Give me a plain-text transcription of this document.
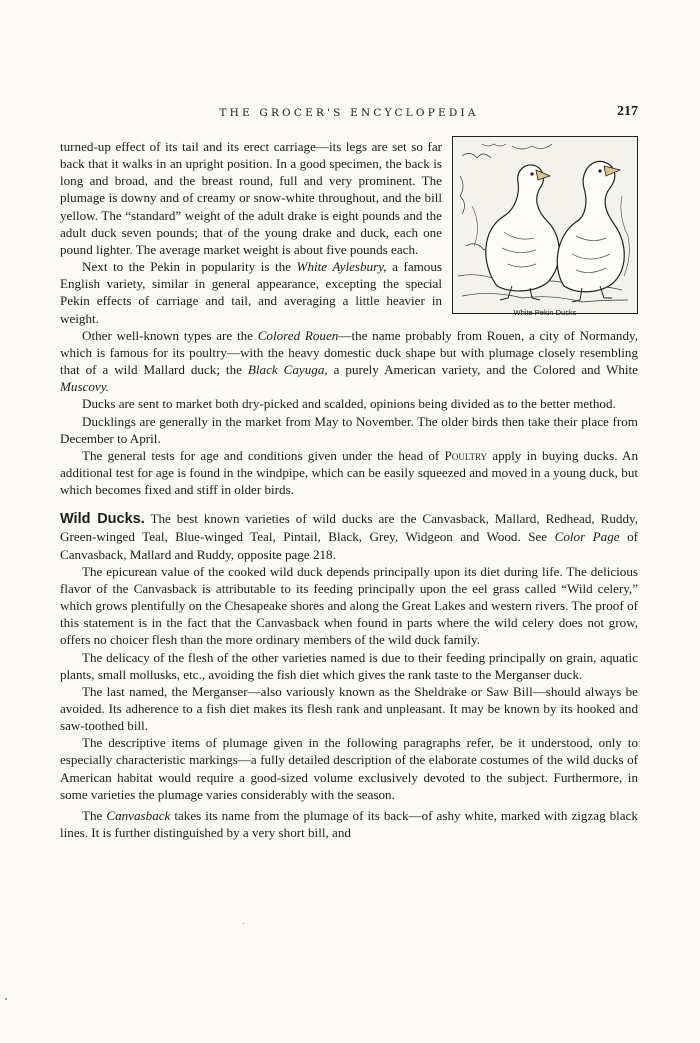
THE GROCER'S ENCYCLOPEDIA	217
White Pekin Ducks

turned-up effect of its tail and its erect carriage—its legs are set so far back that it walks in an upright position. In a good specimen, the back is long and broad, and the breast round, full and very prominent. The plumage is downy and of creamy or snow-white throughout, and the bill yellow. The “standard” weight of the adult drake is eight pounds and the adult duck seven pounds; that of the young drake and duck, each one pound lighter. The average market weight is about five pounds each.

Next to the Pekin in popularity is the White Aylesbury, a famous English variety, similar in general appearance, excepting the special Pekin effects of carriage and tail, and averaging a little heavier in weight.

Other well-known types are the Colored Rouen—the name probably from Rouen, a city of Normandy, which is famous for its poultry—with the heavy domestic duck shape but with plumage closely resembling that of a wild Mallard duck; the Black Cayuga, a purely American variety, and the Colored and White Muscovy.

Ducks are sent to market both dry-picked and scalded, opinions being divided as to the better method.

Ducklings are generally in the market from May to November. The older birds then take their place from December to April.

The general tests for age and conditions given under the head of Poultry apply in buying ducks. An additional test for age is found in the windpipe, which can be easily squeezed and moved in a young duck, but which becomes fixed and stiff in older birds.

Wild Ducks. The best known varieties of wild ducks are the Canvasback, Mallard, Redhead, Ruddy, Green-winged Teal, Blue-winged Teal, Pintail, Black, Grey, Widgeon and Wood. See Color Page of Canvasback, Mallard and Ruddy, opposite page 218.

The epicurean value of the cooked wild duck depends principally upon its diet during life. The delicious flavor of the Canvasback is attributable to its feeding principally upon the eel grass called “Wild celery,” which grows plentifully on the Chesapeake shores and along the Great Lakes and western rivers. The proof of this statement is in the fact that the Canvasback when found in parts where the wild celery does not grow, offers no choicer flesh than the more ordinary members of the wild duck family.

The delicacy of the flesh of the other varieties named is due to their feeding principally on grain, aquatic plants, small mollusks, etc., avoiding the fish diet which gives the rank taste to the Merganser duck.

The last named, the Merganser—also variously known as the Sheldrake or Saw Bill—should always be avoided. Its adherence to a fish diet makes its flesh rank and unpleasant. It may be known by its hooked and saw-toothed bill.

The descriptive items of plumage given in the following paragraphs refer, be it understood, only to especially characteristic markings—a fully detailed description of the elaborate costumes of the wild ducks of American habitat would require a good-sized volume exclusively devoted to the subject. Furthermore, in some varieties the plumage varies considerably with the season.

The Canvasback takes its name from the plumage of its back—of ashy white, marked with zigzag black lines. It is further distinguished by a very short bill, and
